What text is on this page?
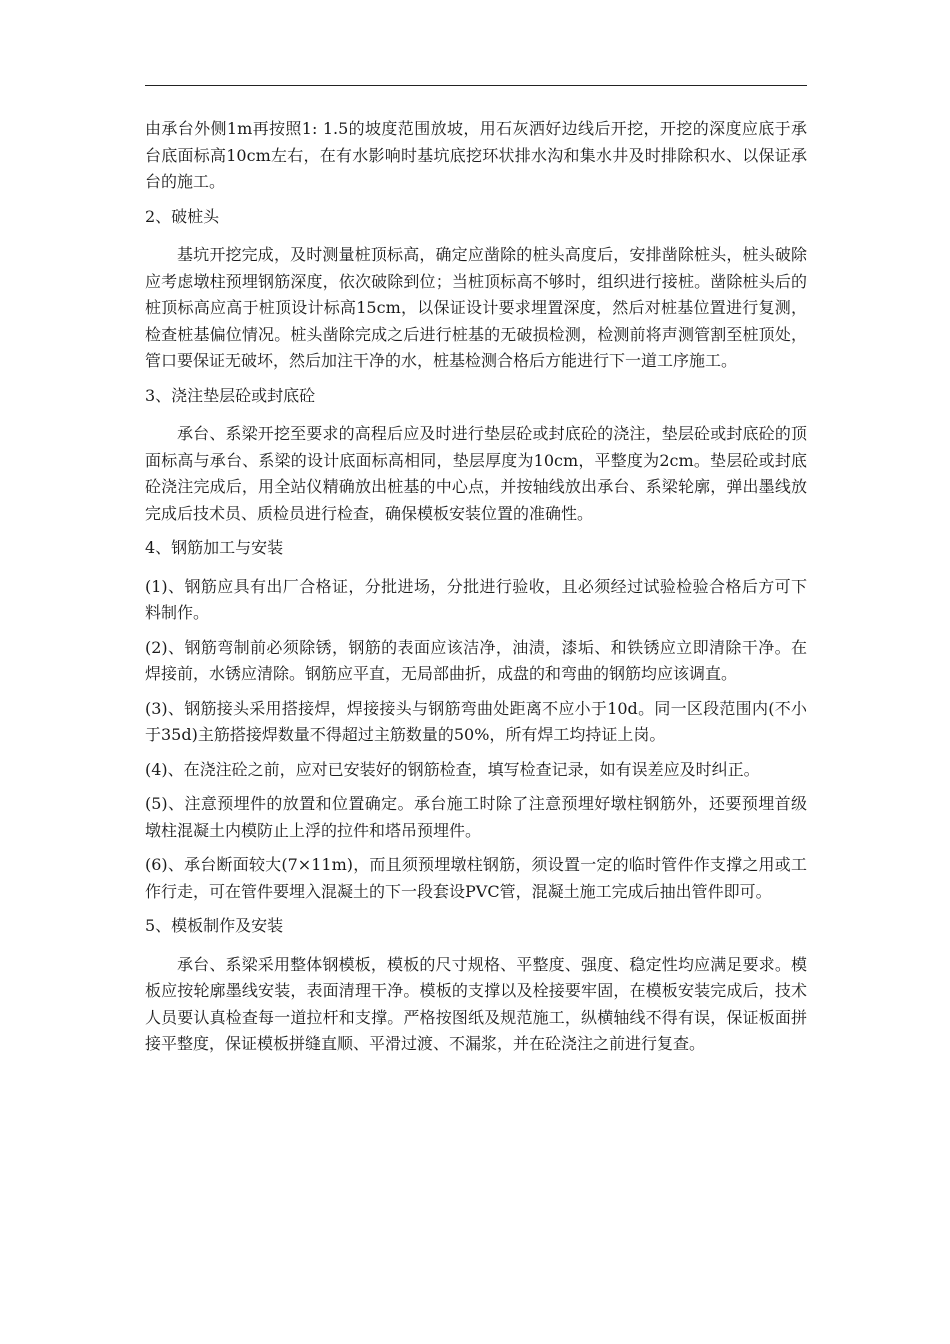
由承台外侧1m再按照1: 1.5的坡度范围放坡，用石灰洒好边线后开挖，开挖的深度应底于承台底面标高10cm左右，在有水影响时基坑底挖环状排水沟和集水井及时排除积水、以保证承台的施工。

2、破桩头

基坑开挖完成，及时测量桩顶标高，确定应凿除的桩头高度后，安排凿除桩头，桩头破除应考虑墩柱预埋钢筋深度，依次破除到位；当桩顶标高不够时，组织进行接桩。凿除桩头后的桩顶标高应高于桩顶设计标高15cm，以保证设计要求埋置深度，然后对桩基位置进行复测，检查桩基偏位情况。桩头凿除完成之后进行桩基的无破损检测，检测前将声测管割至桩顶处，管口要保证无破坏，然后加注干净的水，桩基检测合格后方能进行下一道工序施工。

3、浇注垫层砼或封底砼

承台、系梁开挖至要求的高程后应及时进行垫层砼或封底砼的浇注，垫层砼或封底砼的顶面标高与承台、系梁的设计底面标高相同，垫层厚度为10cm，平整度为2cm。垫层砼或封底砼浇注完成后，用全站仪精确放出桩基的中心点，并按轴线放出承台、系梁轮廓，弹出墨线放完成后技术员、质检员进行检查，确保模板安装位置的准确性。

4、钢筋加工与安装

(1)、钢筋应具有出厂合格证，分批进场，分批进行验收，且必须经过试验检验合格后方可下料制作。

(2)、钢筋弯制前必须除锈，钢筋的表面应该洁净，油渍，漆垢、和铁锈应立即清除干净。在焊接前，水锈应清除。钢筋应平直，无局部曲折，成盘的和弯曲的钢筋均应该调直。

(3)、钢筋接头采用搭接焊，焊接接头与钢筋弯曲处距离不应小于10d。同一区段范围内(不小于35d)主筋搭接焊数量不得超过主筋数量的50%，所有焊工均持证上岗。

(4)、在浇注砼之前，应对已安装好的钢筋检查，填写检查记录，如有误差应及时纠正。

(5)、注意预埋件的放置和位置确定。承台施工时除了注意预埋好墩柱钢筋外，还要预埋首级墩柱混凝土内模防止上浮的拉件和塔吊预埋件。

(6)、承台断面较大(7×11m)，而且须预埋墩柱钢筋，须设置一定的临时管件作支撑之用或工作行走，可在管件要埋入混凝土的下一段套设PVC管，混凝土施工完成后抽出管件即可。

5、模板制作及安装

承台、系梁采用整体钢模板，模板的尺寸规格、平整度、强度、稳定性均应满足要求。模板应按轮廓墨线安装，表面清理干净。模板的支撑以及栓接要牢固，在模板安装完成后，技术人员要认真检查每一道拉杆和支撑。严格按图纸及规范施工，纵横轴线不得有误，保证板面拼接平整度，保证模板拼缝直顺、平滑过渡、不漏浆，并在砼浇注之前进行复查。
